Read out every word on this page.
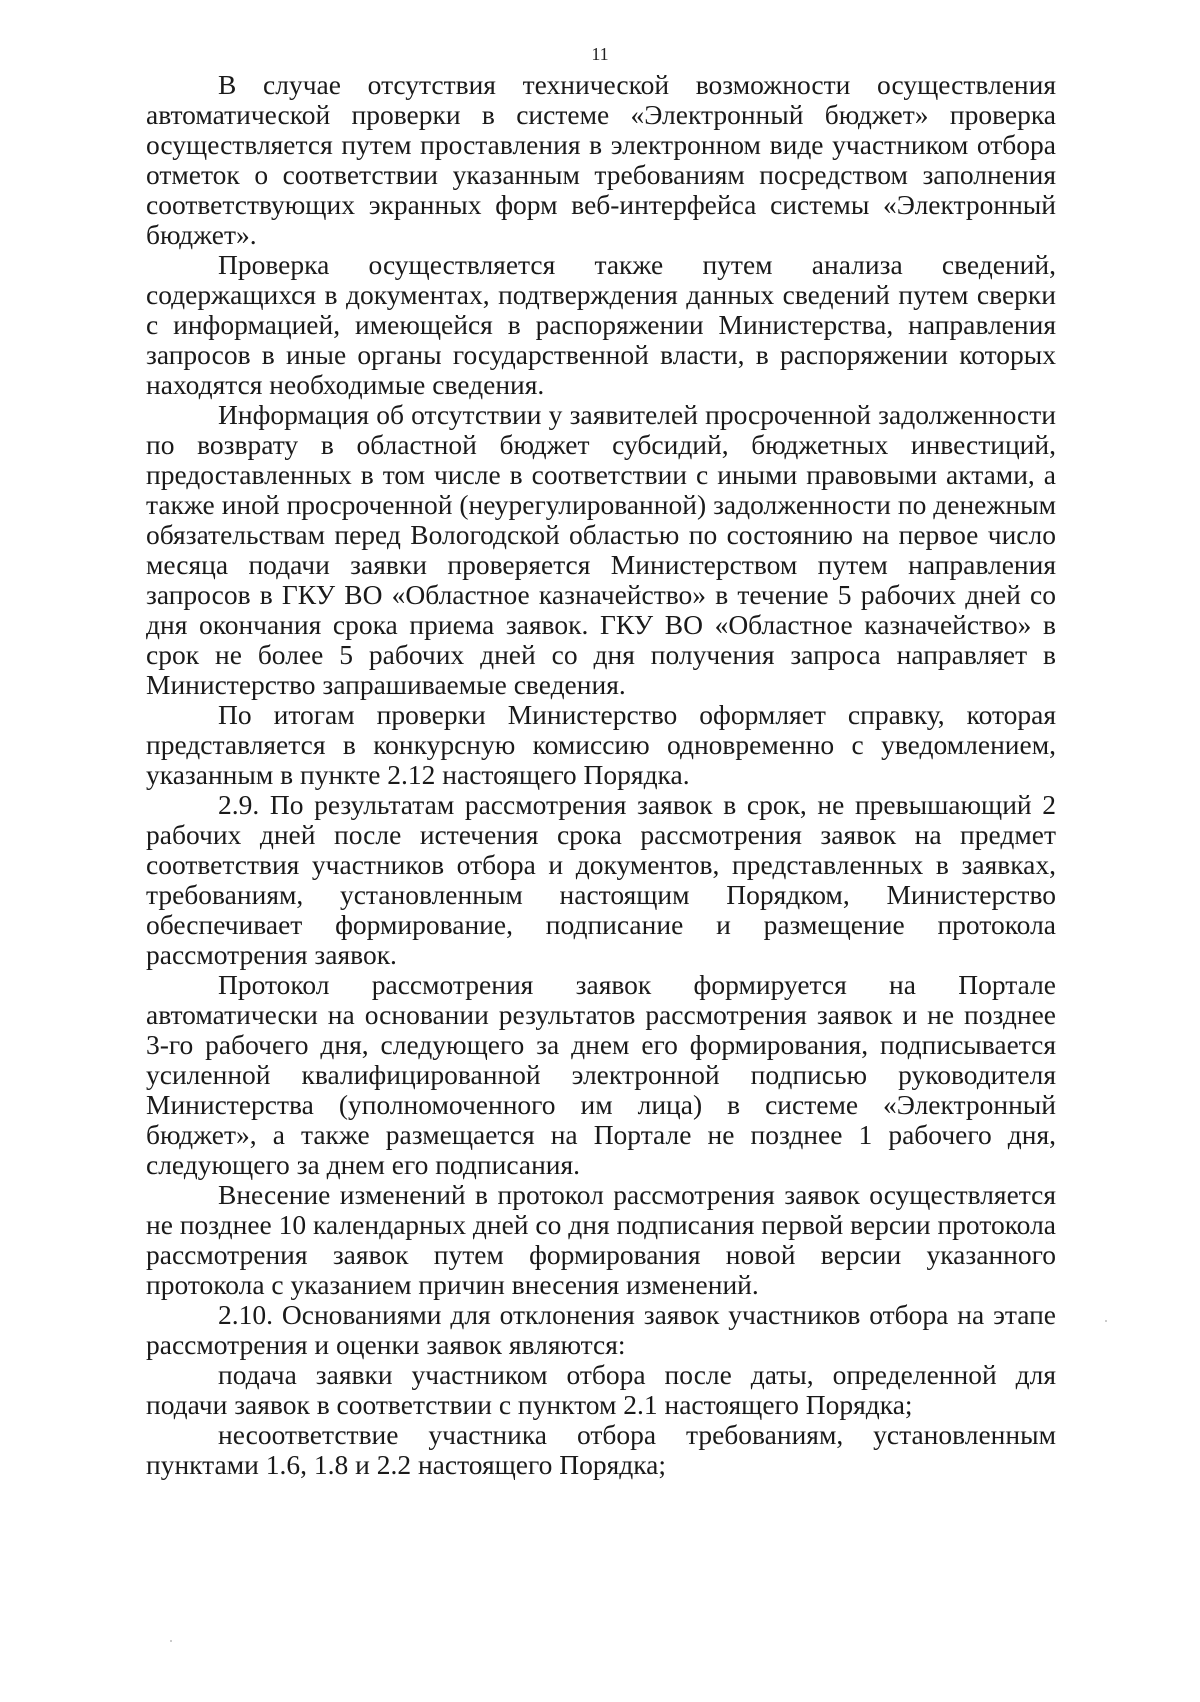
11

В случае отсутствия технической возможности осуществления автоматической проверки в системе «Электронный бюджет» проверка осуществляется путем проставления в электронном виде участником отбора отметок о соответствии указанным требованиям посредством заполнения соответствующих экранных форм веб-интерфейса системы «Электронный бюджет».

Проверка осуществляется также путем анализа сведений, содержащихся в документах, подтверждения данных сведений путем сверки с информацией, имеющейся в распоряжении Министерства, направления запросов в иные органы государственной власти, в распоряжении которых находятся необходимые сведения.

Информация об отсутствии у заявителей просроченной задолженности по возврату в областной бюджет субсидий, бюджетных инвестиций, предоставленных в том числе в соответствии с иными правовыми актами, а также иной просроченной (неурегулированной) задолженности по денежным обязательствам перед Вологодской областью по состоянию на первое число месяца подачи заявки проверяется Министерством путем направления запросов в ГКУ ВО «Областное казначейство» в течение 5 рабочих дней со дня окончания срока приема заявок. ГКУ ВО «Областное казначейство» в срок не более 5 рабочих дней со дня получения запроса направляет в Министерство запрашиваемые сведения.

По итогам проверки Министерство оформляет справку, которая представляется в конкурсную комиссию одновременно с уведомлением, указанным в пункте 2.12 настоящего Порядка.

2.9. По результатам рассмотрения заявок в срок, не превышающий 2 рабочих дней после истечения срока рассмотрения заявок на предмет соответствия участников отбора и документов, представленных в заявках, требованиям, установленным настоящим Порядком, Министерство обеспечивает формирование, подписание и размещение протокола рассмотрения заявок.

Протокол рассмотрения заявок формируется на Портале автоматически на основании результатов рассмотрения заявок и не позднее 3-го рабочего дня, следующего за днем его формирования, подписывается усиленной квалифицированной электронной подписью руководителя Министерства (уполномоченного им лица) в системе «Электронный бюджет», а также размещается на Портале не позднее 1 рабочего дня, следующего за днем его подписания.

Внесение изменений в протокол рассмотрения заявок осуществляется не позднее 10 календарных дней со дня подписания первой версии протокола рассмотрения заявок путем формирования новой версии указанного протокола с указанием причин внесения изменений.

2.10. Основаниями для отклонения заявок участников отбора на этапе рассмотрения и оценки заявок являются:

подача заявки участником отбора после даты, определенной для подачи заявок в соответствии с пунктом 2.1 настоящего Порядка;

несоответствие участника отбора требованиям, установленным пунктами 1.6, 1.8 и 2.2 настоящего Порядка;
